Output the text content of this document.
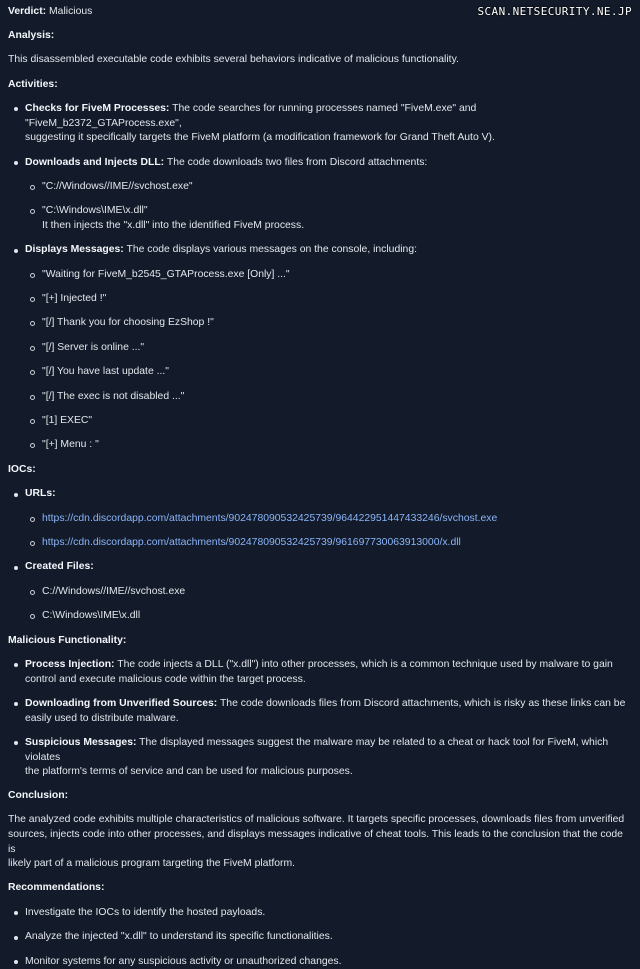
SCAN.NETSECURITY.NE.JP

Verdict: Malicious

Analysis:

This disassembled executable code exhibits several behaviors indicative of malicious functionality.

Activities:

Checks for FiveM Processes: The code searches for running processes named "FiveM.exe" and "FiveM_b2372_GTAProcess.exe",
suggesting it specifically targets the FiveM platform (a modification framework for Grand Theft Auto V).
Downloads and Injects DLL: The code downloads two files from Discord attachments:
"C://Windows//IME//svchost.exe"
"C:\Windows\IME\x.dll"
It then injects the "x.dll" into the identified FiveM process.
Displays Messages: The code displays various messages on the console, including:
"Waiting for FiveM_b2545_GTAProcess.exe [Only] ..."
"[+] Injected !"
"[/] Thank you for choosing EzShop !"
"[/] Server is online ..."
"[/] You have last update ..."
"[/] The exec is not disabled ..."
"[1] EXEC"
"[+] Menu : "

IOCs:

URLs:
https://cdn.discordapp.com/attachments/902478090532425739/964422951447433246/svchost.exe
https://cdn.discordapp.com/attachments/902478090532425739/961697730063913000/x.dll
Created Files:
C://Windows//IME//svchost.exe
C:\Windows\IME\x.dll

Malicious Functionality:

Process Injection: The code injects a DLL ("x.dll") into other processes, which is a common technique used by malware to gain
control and execute malicious code within the target process.
Downloading from Unverified Sources: The code downloads files from Discord attachments, which is risky as these links can be
easily used to distribute malware.
Suspicious Messages: The displayed messages suggest the malware may be related to a cheat or hack tool for FiveM, which violates
the platform's terms of service and can be used for malicious purposes.

Conclusion:

The analyzed code exhibits multiple characteristics of malicious software. It targets specific processes, downloads files from unverified
sources, injects code into other processes, and displays messages indicative of cheat tools. This leads to the conclusion that the code is
likely part of a malicious program targeting the FiveM platform.

Recommendations:

Investigate the IOCs to identify the hosted payloads.
Analyze the injected "x.dll" to understand its specific functionalities.
Monitor systems for any suspicious activity or unauthorized changes.
